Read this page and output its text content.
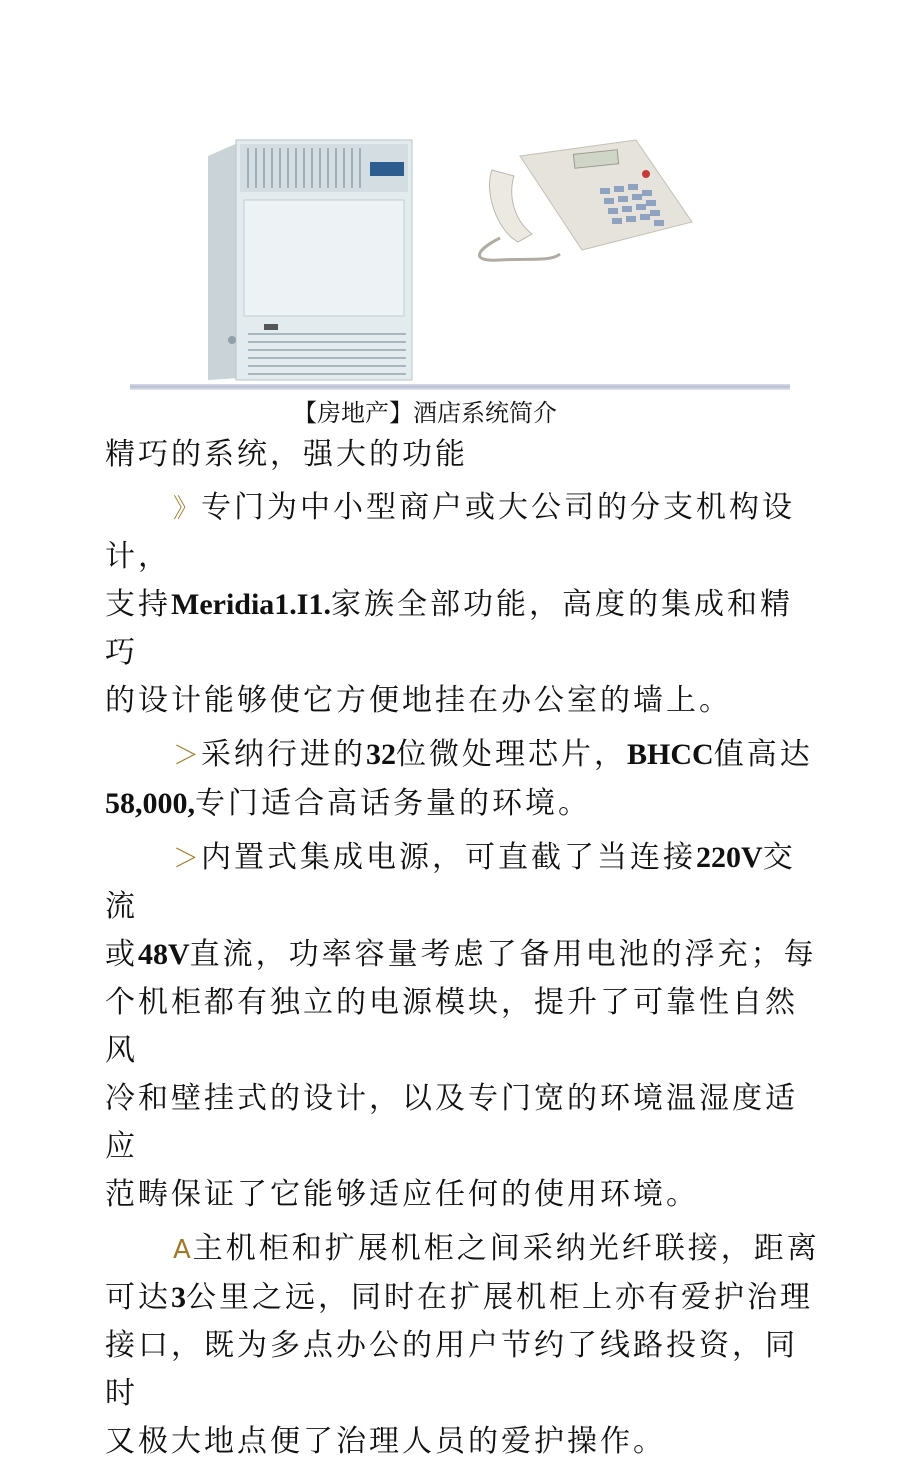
【房地产】酒店系统简介

精巧的系统，强大的功能

》专门为中小型商户或大公司的分支机构设计，
支持Meridia1.I1.家族全部功能，高度的集成和精巧
的设计能够使它方便地挂在办公室的墙上。

＞采纳行进的32位微处理芯片，BHCC值高达
58,000,专门适合高话务量的环境。

＞内置式集成电源，可直截了当连接220V交流
或48V直流，功率容量考虑了备用电池的浮充；每
个机柜都有独立的电源模块，提升了可靠性自然风
冷和壁挂式的设计，以及专门宽的环境温湿度适应
范畴保证了它能够适应任何的使用环境。

A主机柜和扩展机柜之间采纳光纤联接，距离
可达3公里之远，同时在扩展机柜上亦有爱护治理
接口，既为多点办公的用户节约了线路投资，同时
又极大地点便了治理人员的爱护操作。
